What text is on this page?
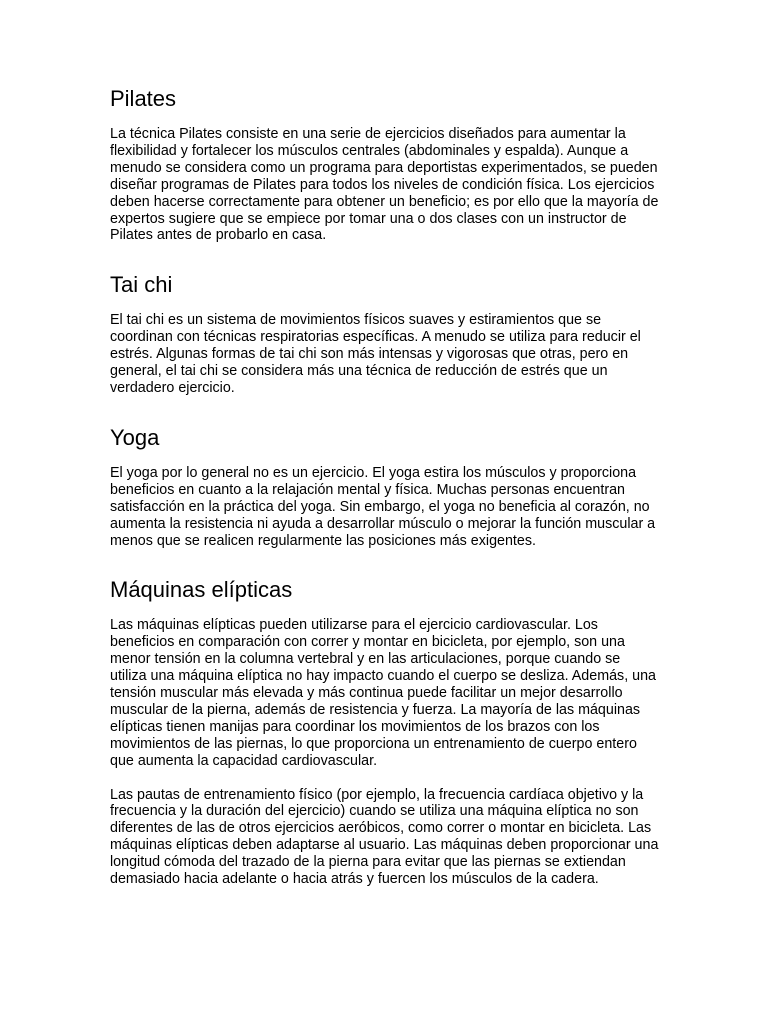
Pilates

La técnica Pilates consiste en una serie de ejercicios diseñados para aumentar la flexibilidad y fortalecer los músculos centrales (abdominales y espalda). Aunque a menudo se considera como un programa para deportistas experimentados, se pueden diseñar programas de Pilates para todos los niveles de condición física. Los ejercicios deben hacerse correctamente para obtener un beneficio; es por ello que la mayoría de expertos sugiere que se empiece por tomar una o dos clases con un instructor de Pilates antes de probarlo en casa.

Tai chi

El tai chi es un sistema de movimientos físicos suaves y estiramientos que se coordinan con técnicas respiratorias específicas. A menudo se utiliza para reducir el estrés. Algunas formas de tai chi son más intensas y vigorosas que otras, pero en general, el tai chi se considera más una técnica de reducción de estrés que un verdadero ejercicio.

Yoga

El yoga por lo general no es un ejercicio. El yoga estira los músculos y proporciona beneficios en cuanto a la relajación mental y física. Muchas personas encuentran satisfacción en la práctica del yoga. Sin embargo, el yoga no beneficia al corazón, no aumenta la resistencia ni ayuda a desarrollar músculo o mejorar la función muscular a menos que se realicen regularmente las posiciones más exigentes.

Máquinas elípticas

Las máquinas elípticas pueden utilizarse para el ejercicio cardiovascular. Los beneficios en comparación con correr y montar en bicicleta, por ejemplo, son una menor tensión en la columna vertebral y en las articulaciones, porque cuando se utiliza una máquina elíptica no hay impacto cuando el cuerpo se desliza. Además, una tensión muscular más elevada y más continua puede facilitar un mejor desarrollo muscular de la pierna, además de resistencia y fuerza. La mayoría de las máquinas elípticas tienen manijas para coordinar los movimientos de los brazos con los movimientos de las piernas, lo que proporciona un entrenamiento de cuerpo entero que aumenta la capacidad cardiovascular.

Las pautas de entrenamiento físico (por ejemplo, la frecuencia cardíaca objetivo y la frecuencia y la duración del ejercicio) cuando se utiliza una máquina elíptica no son diferentes de las de otros ejercicios aeróbicos, como correr o montar en bicicleta. Las máquinas elípticas deben adaptarse al usuario. Las máquinas deben proporcionar una longitud cómoda del trazado de la pierna para evitar que las piernas se extiendan demasiado hacia adelante o hacia atrás y fuercen los músculos de la cadera.
